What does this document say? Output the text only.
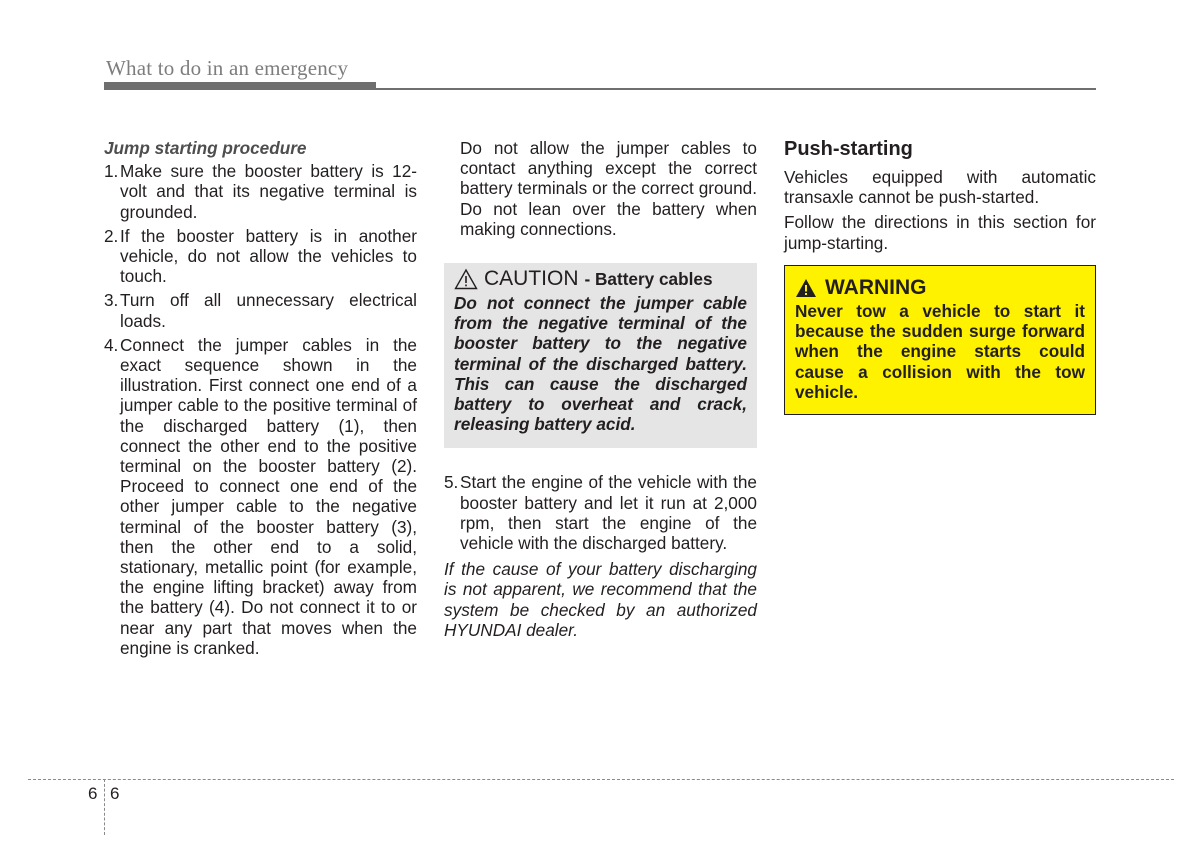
What to do in an emergency
Jump starting procedure
1. Make sure the booster battery is 12-volt and that its negative terminal is grounded.
2. If the booster battery is in another vehicle, do not allow the vehicles to touch.
3. Turn off all unnecessary electrical loads.
4. Connect the jumper cables in the exact sequence shown in the illustration. First connect one end of a jumper cable to the positive terminal of the discharged battery (1), then connect the other end to the positive terminal on the booster battery (2). Proceed to connect one end of the other jumper cable to the negative terminal of the booster battery (3), then the other end to a solid, stationary, metallic point (for example, the engine lifting bracket) away from the battery (4). Do not connect it to or near any part that moves when the engine is cranked.
Do not allow the jumper cables to contact anything except the correct battery terminals or the correct ground. Do not lean over the battery when making connections.
CAUTION - Battery cables
Do not connect the jumper cable from the negative terminal of the booster battery to the negative terminal of the discharged battery. This can cause the discharged battery to overheat and crack, releasing battery acid.
5. Start the engine of the vehicle with the booster battery and let it run at 2,000 rpm, then start the engine of the vehicle with the discharged battery.
If the cause of your battery discharging is not apparent, we recommend that the system be checked by an authorized HYUNDAI dealer.
Push-starting
Vehicles equipped with automatic transaxle cannot be push-started.
Follow the directions in this section for jump-starting.
WARNING
Never tow a vehicle to start it because the sudden surge forward when the engine starts could cause a collision with the tow vehicle.
6 6
